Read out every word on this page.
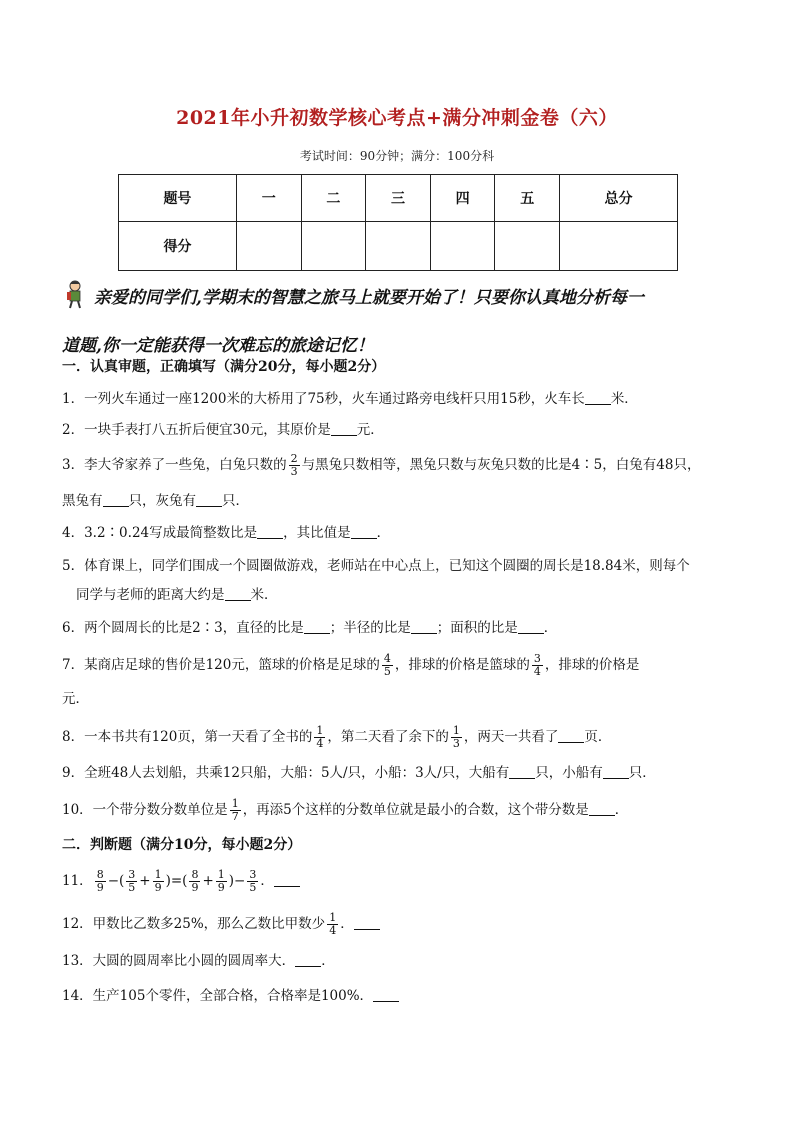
2021年小升初数学核心考点+满分冲刺金卷（六）
考试时间：90分钟；满分：100分科
题号	一	二	三	四	五	总分
得分						
亲爱的同学们,学期末的智慧之旅马上就要开始了！只要你认真地分析每一
道题,你一定能获得一次难忘的旅途记忆！
一．认真审题，正确填写（满分20分，每小题2分）
1．一列火车通过一座1200米的大桥用了75秒，火车通过路旁电线杆只用15秒，火车长 米．
2．一块手表打八五折后便宜30元，其原价是 元．
3．李大爷家养了一些兔，白兔只数的 $\frac{2}{3}$ 与黑兔只数相等，黑兔只数与灰兔只数的比是4∶5，白兔有48只，
黑兔有 只，灰兔有 只．
4．3.2∶0.24写成最简整数比是 ，其比值是 ．
5．体育课上，同学们围成一个圆圈做游戏，老师站在中心点上，已知这个圆圈的周长是18.84米，则每个
同学与老师的距离大约是 米．
6．两个圆周长的比是2∶3，直径的比是 ；半径的比是 ；面积的比是 ．
7．某商店足球的售价是120元，篮球的价格是足球的 $\frac{4}{5}$ ，排球的价格是篮球的 $\frac{3}{4}$ ，排球的价格是
元．
8．一本书共有120页，第一天看了全书的 $\frac{1}{4}$ ，第二天看了余下的 $\frac{1}{3}$ ，两天一共看了 页．
9．全班48人去划船，共乘12只船，大船：5人/只，小船：3人/只，大船有 只，小船有 只．
10．一个带分数分数单位是 $\frac{1}{7}$ ，再添5个这样的分数单位就是最小的合数，这个带分数是 ．
二．判断题（满分10分，每小题2分）
11． $\frac{8}{9}$ −( $\frac{3}{5} + \frac{1}{9}$ )=( $\frac{8}{9} + \frac{1}{9}$ )− $\frac{3}{5}$ ．
12．甲数比乙数多25%，那么乙数比甲数少 $\frac{1}{4}$ ．
13．大圆的圆周率比小圆的圆周率大． ．
14．生产105个零件，全部合格，合格率是100%．
